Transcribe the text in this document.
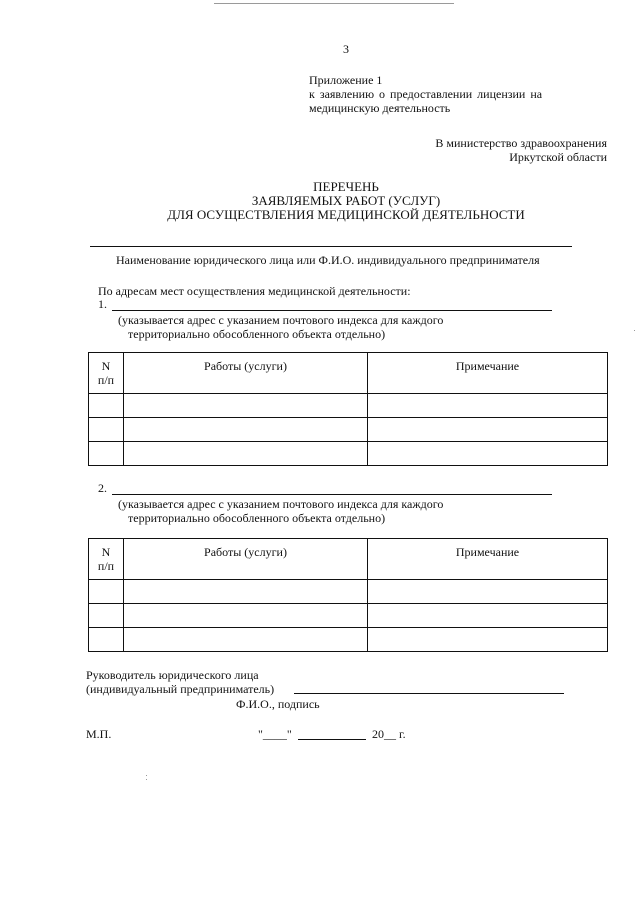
3
Приложение 1
к заявлению о предоставлении лицензии на
медицинскую деятельность
В министерство здравоохранения
Иркутской области
ПЕРЕЧЕНЬ
ЗАЯВЛЯЕМЫХ РАБОТ (УСЛУГ)
ДЛЯ ОСУЩЕСТВЛЕНИЯ МЕДИЦИНСКОЙ ДЕЯТЕЛЬНОСТИ
Наименование юридического лица или Ф.И.О. индивидуального предпринимателя
По адресам мест осуществления медицинской деятельности:
1.
(указывается адрес с указанием почтового индекса для каждого
территориально обособленного объекта отдельно)
N
п/п	Работы (услуги)	Примечание

2.
(указывается адрес с указанием почтового индекса для каждого
территориально обособленного объекта отдельно)
N
п/п	Работы (услуги)	Примечание

Руководитель юридического лица
(индивидуальный предприниматель)
Ф.И.О., подпись
М.П.	"____"	20__ г.
